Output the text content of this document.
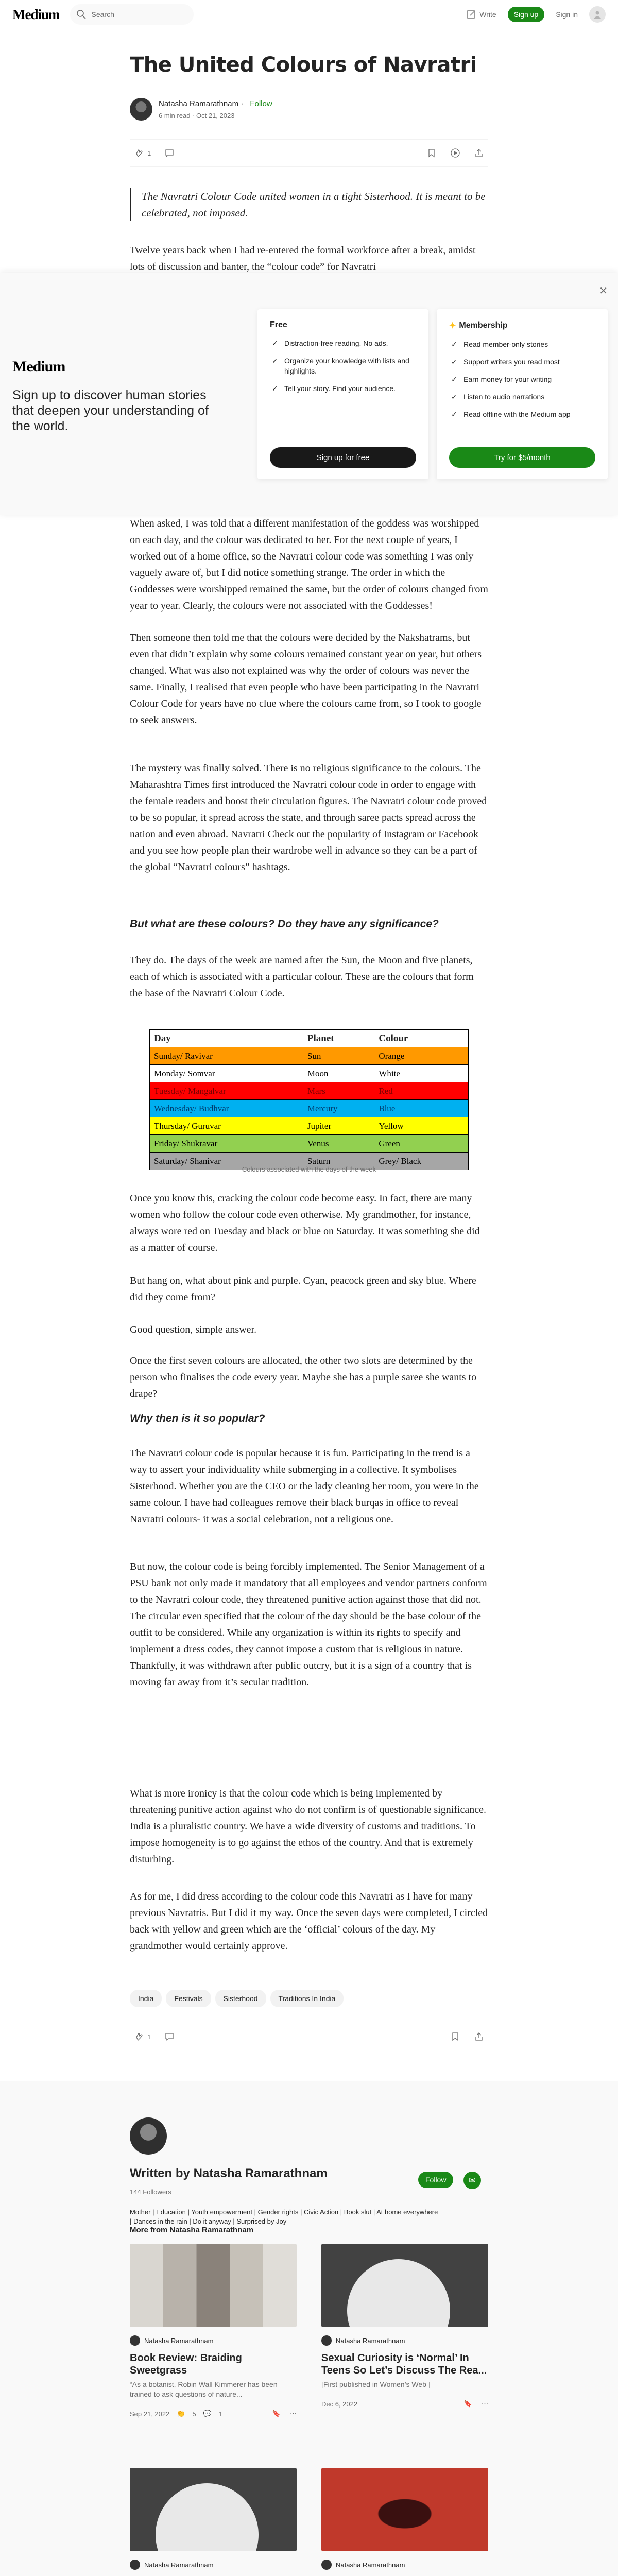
Medium	Search	Write	Sign up	Sign in
The United Colours of Navratri
Natasha Ramarathnam · Follow
6 min read · Oct 21, 2023
1
The Navratri Colour Code united women in a tight Sisterhood. It is meant to be celebrated, not imposed.

Twelve years back when I had re-entered the formal workforce after a break, amidst lots of discussion and banter, the “colour code” for Navratri

✕
Medium
Sign up to discover human stories that deepen your understanding of the world.
Free
✓ Distraction-free reading. No ads.
✓ Organize your knowledge with lists and highlights.
✓ Tell your story. Find your audience.
Sign up for free
✦ Membership
✓ Read member-only stories
✓ Support writers you read most
✓ Earn money for your writing
✓ Listen to audio narrations
✓ Read offline with the Medium app
Try for $5/month

When asked, I was told that a different manifestation of the goddess was worshipped on each day, and the colour was dedicated to her. For the next couple of years, I worked out of a home office, so the Navratri colour code was something I was only vaguely aware of, but I did notice something strange. The order in which the Goddesses were worshipped remained the same, but the order of colours changed from year to year. Clearly, the colours were not associated with the Goddesses!

Then someone then told me that the colours were decided by the Nakshatrams, but even that didn’t explain why some colours remained constant year on year, but others changed. What was also not explained was why the order of colours was never the same. Finally, I realised that even people who have been participating in the Navratri Colour Code for years have no clue where the colours came from, so I took to google to seek answers.

The mystery was finally solved. There is no religious significance to the colours. The Maharashtra Times first introduced the Navratri colour code in order to engage with the female readers and boost their circulation figures. The Navratri colour code proved to be so popular, it spread across the state, and through saree pacts spread across the nation and even abroad. Navratri Check out the popularity of Instagram or Facebook and you see how people plan their wardrobe well in advance so they can be a part of the global “Navratri colours” hashtags.

But what are these colours? Do they have any significance?

They do. The days of the week are named after the Sun, the Moon and five planets, each of which is associated with a particular colour. These are the colours that form the base of the Navratri Colour Code.

Day	Planet	Colour
Sunday/ Ravivar	Sun	Orange
Monday/ Somvar	Moon	White
Tuesday/ Mangalvar	Mars	Red
Wednesday/ Budhvar	Mercury	Blue
Thursday/ Guruvar	Jupiter	Yellow
Friday/ Shukravar	Venus	Green
Saturday/ Shanivar	Saturn	Grey/ Black
Colours associated with the days of the week

Once you know this, cracking the colour code become easy. In fact, there are many women who follow the colour code even otherwise. My grandmother, for instance, always wore red on Tuesday and black or blue on Saturday. It was something she did as a matter of course.

But hang on, what about pink and purple. Cyan, peacock green and sky blue. Where did they come from?

Good question, simple answer.

Once the first seven colours are allocated, the other two slots are determined by the person who finalises the code every year. Maybe she has a purple saree she wants to drape?

Why then is it so popular?

The Navratri colour code is popular because it is fun. Participating in the trend is a way to assert your individuality while submerging in a collective. It symbolises Sisterhood. Whether you are the CEO or the lady cleaning her room, you were in the same colour. I have had colleagues remove their black burqas in office to reveal Navratri colours- it was a social celebration, not a religious one.

But now, the colour code is being forcibly implemented. The Senior Management of a PSU bank not only made it mandatory that all employees and vendor partners conform to the Navratri colour code, they threatened punitive action against those that did not. The circular even specified that the colour of the day should be the base colour of the outfit to be considered. While any organization is within its rights to specify and implement a dress codes, they cannot impose a custom that is religious in nature. Thankfully, it was withdrawn after public outcry, but it is a sign of a country that is moving far away from it’s secular tradition.

What is more ironicy is that the colour code which is being implemented by threatening punitive action against who do not confirm is of questionable significance. India is a pluralistic country. We have a wide diversity of customs and traditions. To impose homogeneity is to go against the ethos of the country. And that is extremely disturbing.

As for me, I did dress according to the colour code this Navratri as I have for many previous Navratris. But I did it my way. Once the seven days were completed, I circled back with yellow and green which are the ‘official’ colours of the day. My grandmother would certainly approve.

India	Festivals	Sisterhood	Traditions In India
1
Written by Natasha Ramarathnam
144 Followers
Mother | Education | Youth empowerment | Gender rights | Civic Action | Book slut | At home everywhere | Dances in the rain | Do it anyway | Surprised by Joy
Follow	✉
More from Natasha Ramarathnam
Natasha Ramarathnam
Book Review: Braiding Sweetgrass
“As a botanist, Robin Wall Kimmerer has been trained to ask questions of nature...
Sep 21, 2022 👏 5 💬 1	🔖 ⋯
Natasha Ramarathnam
Sexual Curiosity is ‘Normal’ In Teens So Let’s Discuss The Rea...
[First published in Women’s Web ]
Dec 6, 2022	🔖 ⋯
Natasha Ramarathnam	Natasha Ramarathnam
